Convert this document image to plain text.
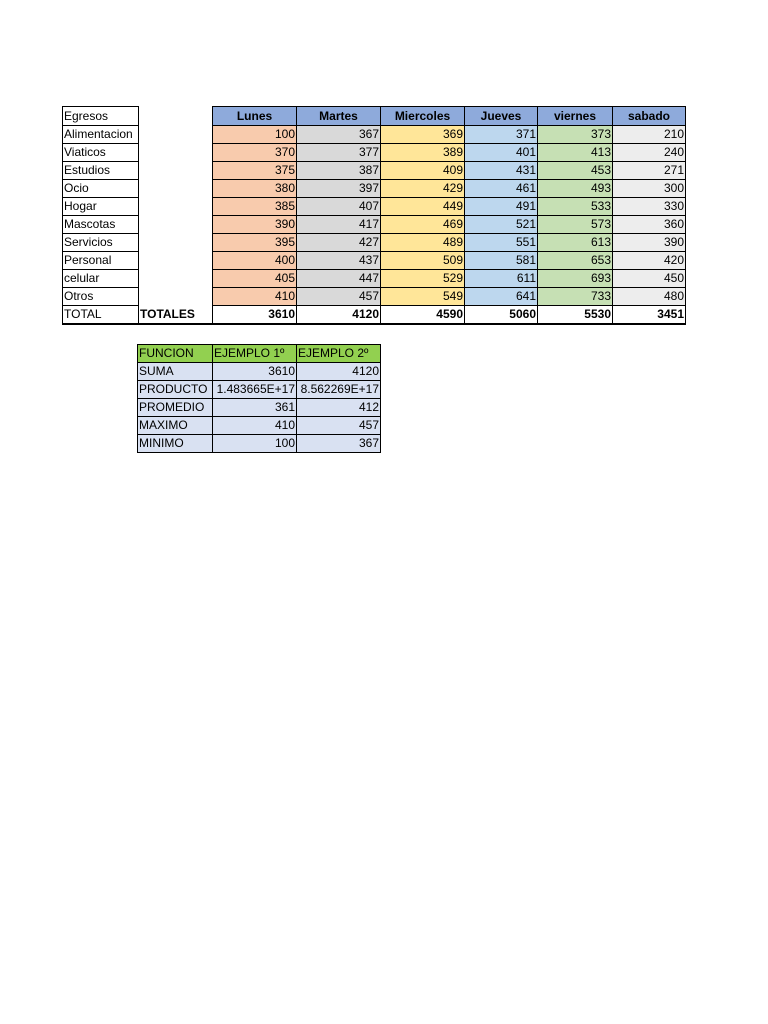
Egresos		Lunes	Martes	Miercoles	Jueves	viernes	sabado
Alimentacion		100	367	369	371	373	210
Viaticos		370	377	389	401	413	240
Estudios		375	387	409	431	453	271
Ocio		380	397	429	461	493	300
Hogar		385	407	449	491	533	330
Mascotas		390	417	469	521	573	360
Servicios		395	427	489	551	613	390
Personal		400	437	509	581	653	420
celular		405	447	529	611	693	450
Otros		410	457	549	641	733	480
TOTAL	TOTALES	3610	4120	4590	5060	5530	3451
FUNCION	EJEMPLO 1º	EJEMPLO 2º
SUMA	3610	4120
PRODUCTO	1.483665E+17	8.562269E+17
PROMEDIO	361	412
MAXIMO	410	457
MINIMO	100	367
